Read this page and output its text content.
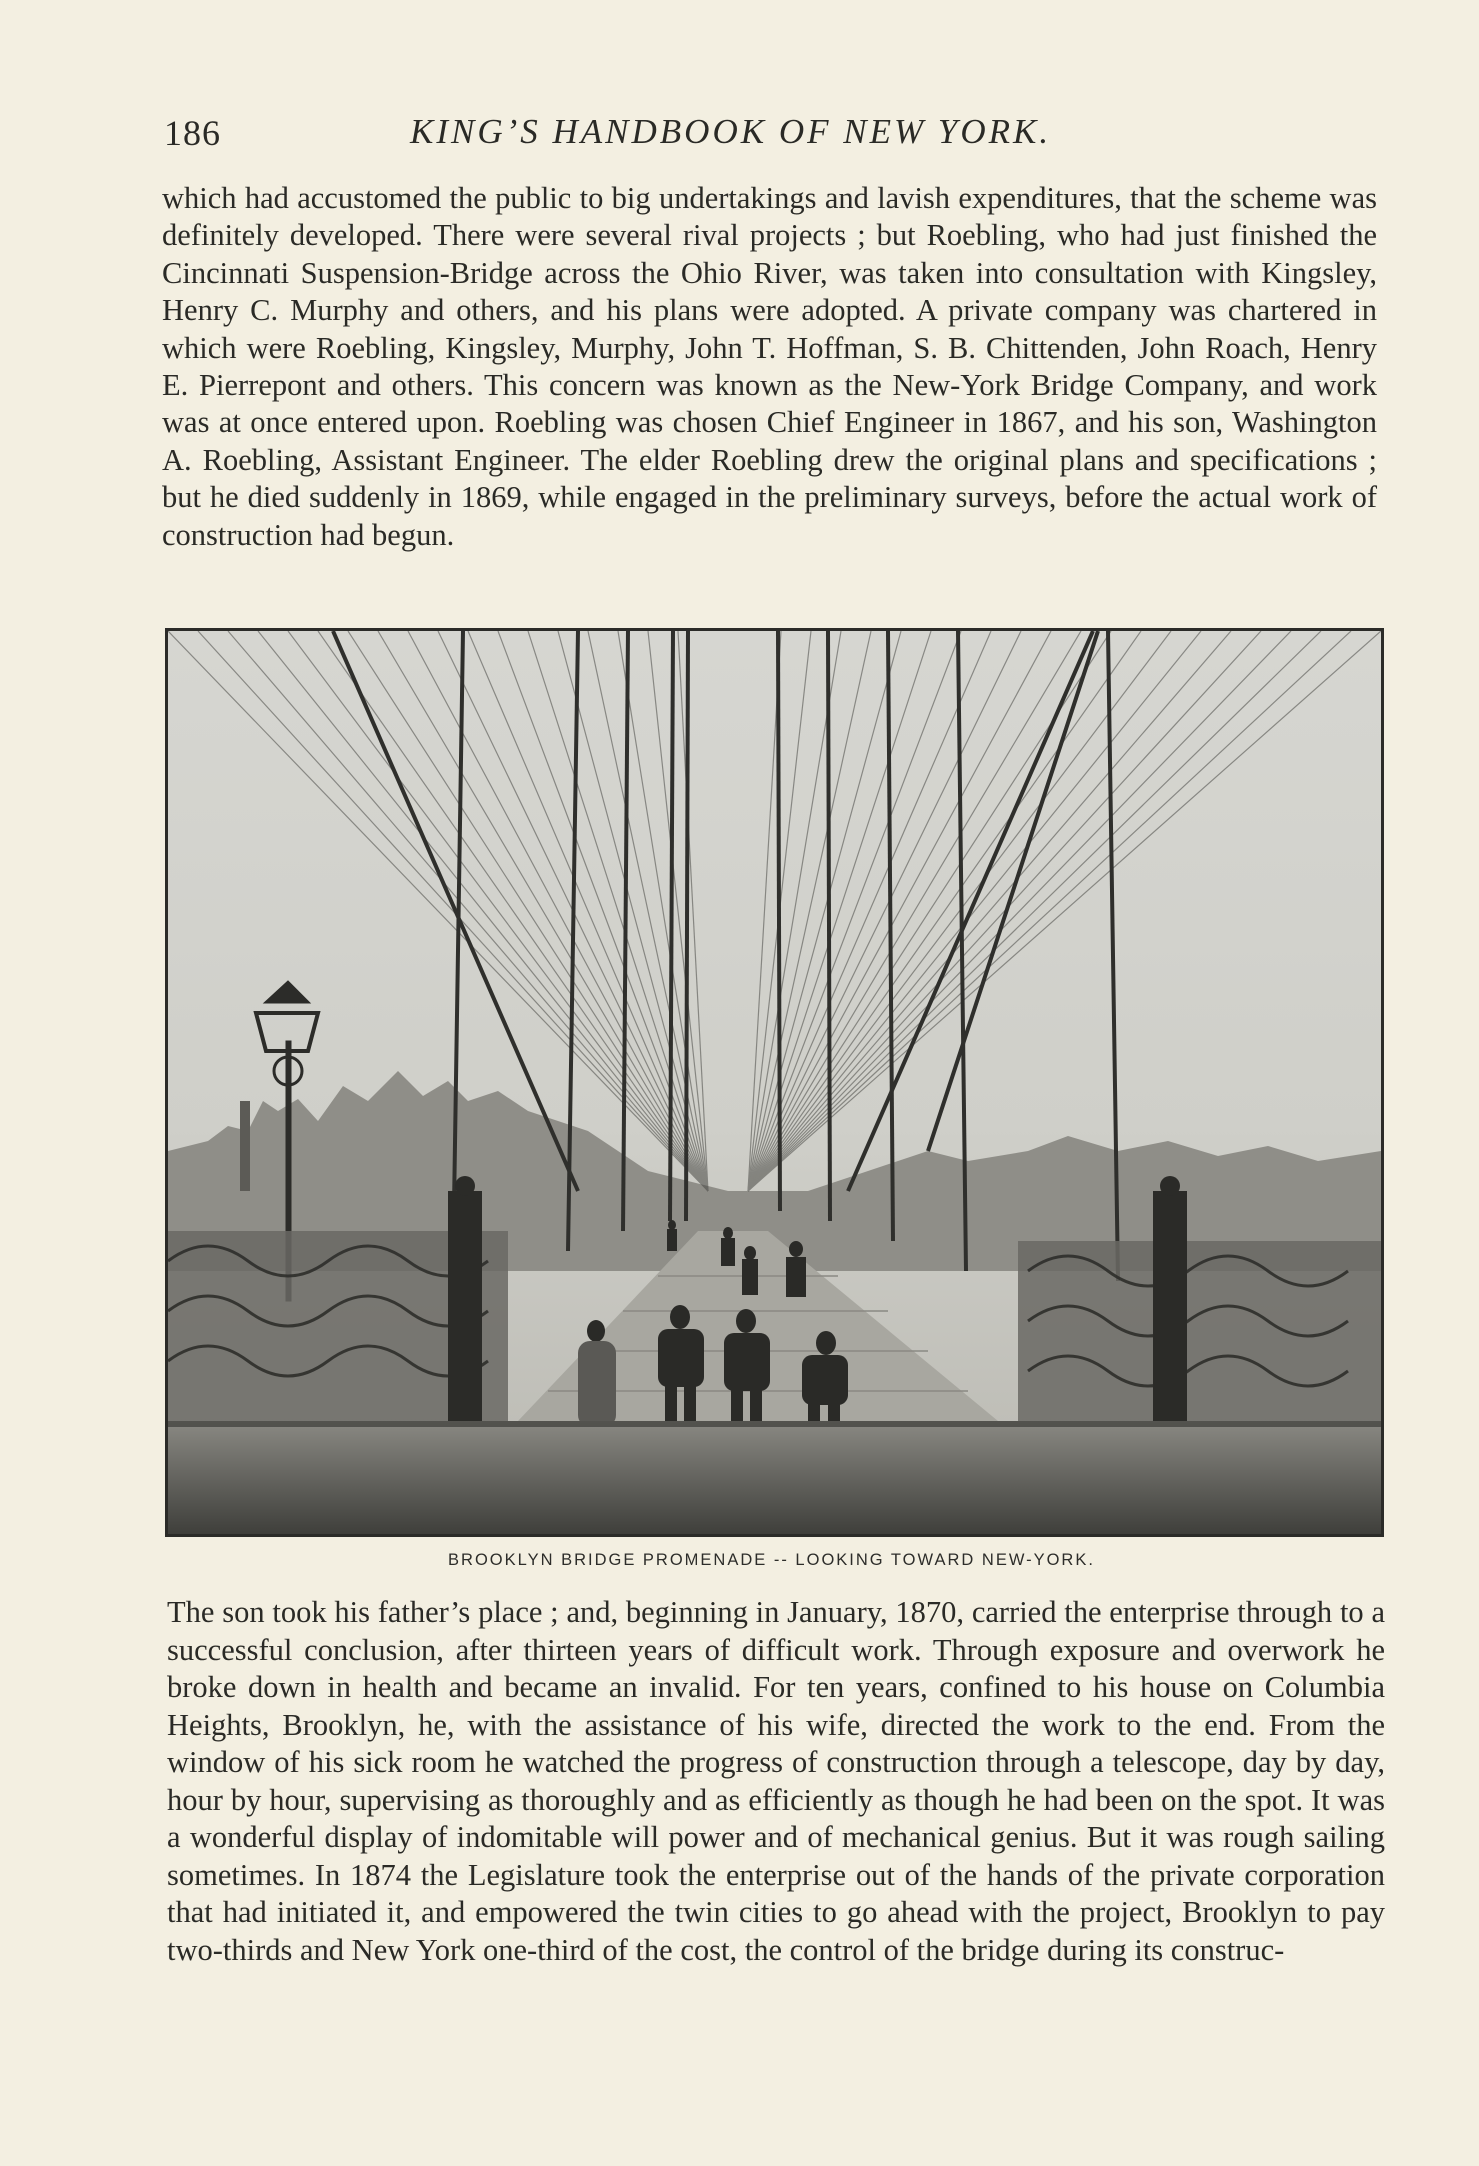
186	KING’S HANDBOOK OF NEW YORK.

which had accustomed the public to big undertakings and lavish expenditures, that the scheme was definitely developed. There were several rival projects ; but Roebling, who had just finished the Cincinnati Suspension-Bridge across the Ohio River, was taken into consultation with Kingsley, Henry C. Murphy and others, and his plans were adopted. A private company was chartered in which were Roebling, Kingsley, Murphy, John T. Hoffman, S. B. Chittenden, John Roach, Henry E. Pierrepont and others. This concern was known as the New-York Bridge Company, and work was at once entered upon. Roebling was chosen Chief Engineer in 1867, and his son, Washington A. Roebling, Assistant Engineer. The elder Roebling drew the original plans and specifications ; but he died suddenly in 1869, while engaged in the preliminary surveys, before the actual work of construction had begun.

BROOKLYN BRIDGE PROMENADE -- LOOKING TOWARD NEW-YORK.

The son took his father’s place ; and, beginning in January, 1870, carried the enterprise through to a successful conclusion, after thirteen years of difficult work. Through exposure and overwork he broke down in health and became an invalid. For ten years, confined to his house on Columbia Heights, Brooklyn, he, with the assistance of his wife, directed the work to the end. From the window of his sick room he watched the progress of construction through a telescope, day by day, hour by hour, supervising as thoroughly and as efficiently as though he had been on the spot. It was a wonderful display of indomitable will power and of mechanical genius. But it was rough sailing sometimes. In 1874 the Legislature took the enterprise out of the hands of the private corporation that had initiated it, and empowered the twin cities to go ahead with the project, Brooklyn to pay two-thirds and New York one-third of the cost, the control of the bridge during its construc-
